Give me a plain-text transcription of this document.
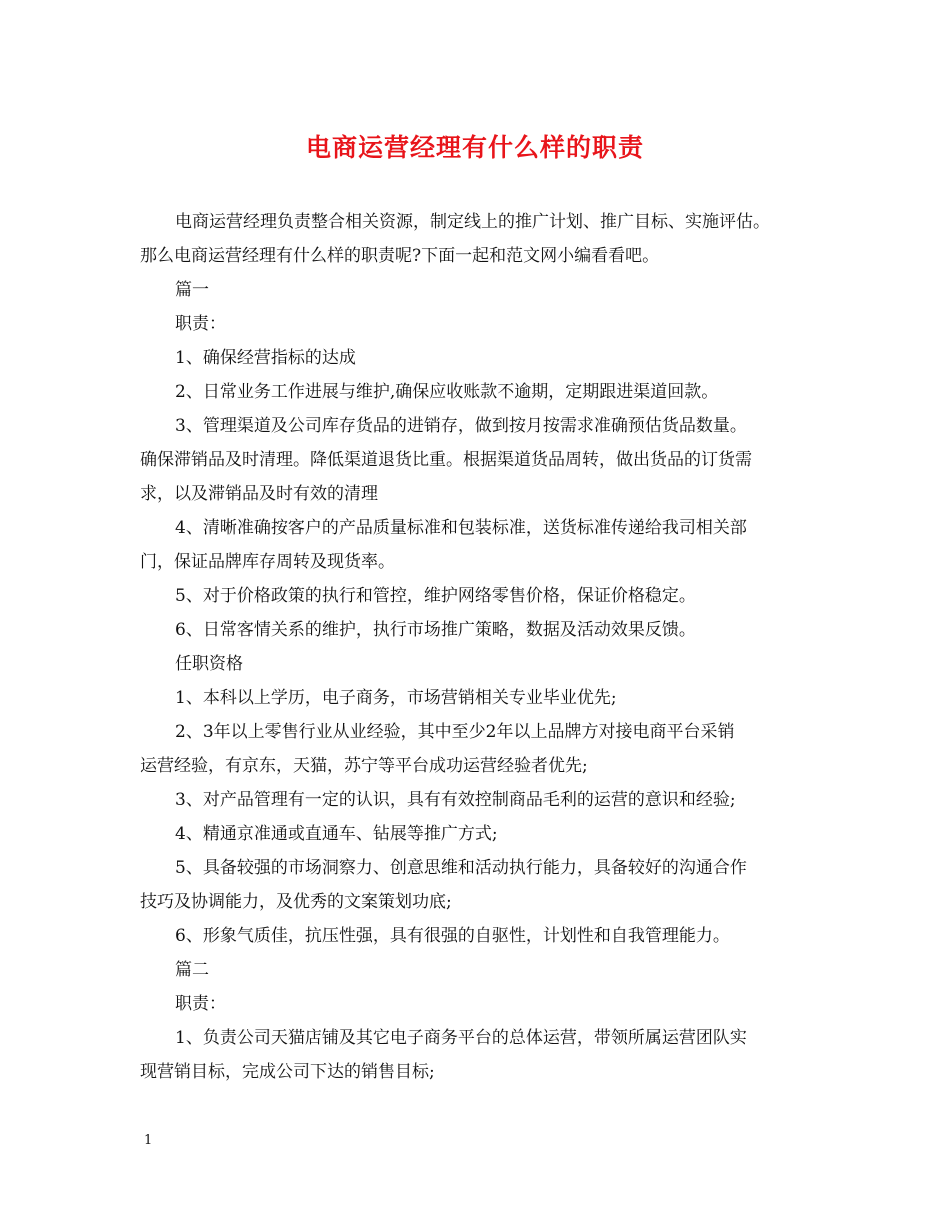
电商运营经理有什么样的职责

电商运营经理负责整合相关资源，制定线上的推广计划、推广目标、实施评估。

那么电商运营经理有什么样的职责呢?下面一起和范文网小编看看吧。

篇一

职责：

1、确保经营指标的达成

2、日常业务工作进展与维护,确保应收账款不逾期，定期跟进渠道回款。

3、管理渠道及公司库存货品的进销存，做到按月按需求准确预估货品数量。

确保滞销品及时清理。降低渠道退货比重。根据渠道货品周转，做出货品的订货需

求，以及滞销品及时有效的清理

4、清晰准确按客户的产品质量标准和包装标准，送货标准传递给我司相关部

门，保证品牌库存周转及现货率。

5、对于价格政策的执行和管控，维护网络零售价格，保证价格稳定。

6、日常客情关系的维护，执行市场推广策略，数据及活动效果反馈。

任职资格

1、本科以上学历，电子商务，市场营销相关专业毕业优先;

2、3年以上零售行业从业经验，其中至少2年以上品牌方对接电商平台采销

运营经验，有京东，天猫，苏宁等平台成功运营经验者优先;

3、对产品管理有一定的认识，具有有效控制商品毛利的运营的意识和经验;

4、精通京准通或直通车、钻展等推广方式;

5、具备较强的市场洞察力、创意思维和活动执行能力，具备较好的沟通合作

技巧及协调能力，及优秀的文案策划功底;

6、形象气质佳，抗压性强，具有很强的自驱性，计划性和自我管理能力。

篇二

职责：

1、负责公司天猫店铺及其它电子商务平台的总体运营，带领所属运营团队实

现营销目标，完成公司下达的销售目标;

1
